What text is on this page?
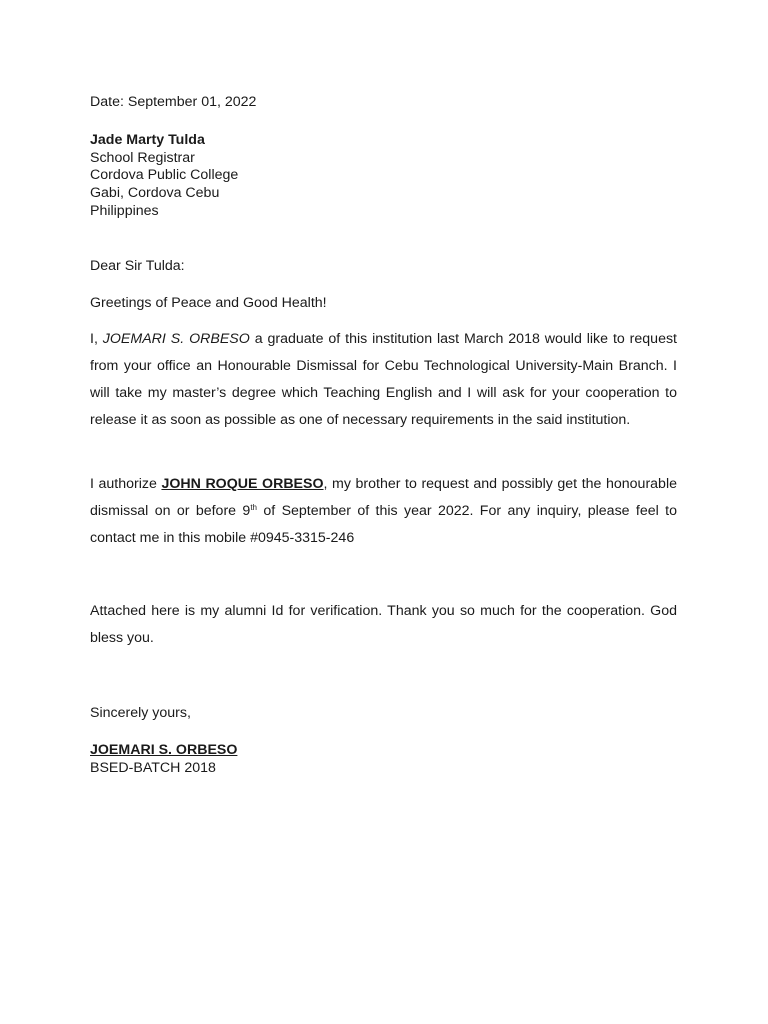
Date: September 01, 2022
Jade Marty Tulda
School Registrar
Cordova Public College
Gabi, Cordova Cebu
Philippines
Dear Sir Tulda:
Greetings of Peace and Good Health!

I, JOEMARI S. ORBESO a graduate of this institution last March 2018 would like to request from your office an Honourable Dismissal for Cebu Technological University-Main Branch. I will take my master’s degree which Teaching English and I will ask for your cooperation to release it as soon as possible as one of necessary requirements in the said institution.

I authorize JOHN ROQUE ORBESO, my brother to request and possibly get the honourable dismissal on or before 9th of September of this year 2022. For any inquiry, please feel to contact me in this mobile #0945-3315-246

Attached here is my alumni Id for verification. Thank you so much for the cooperation. God bless you.

Sincerely yours,
JOEMARI S. ORBESO
BSED-BATCH 2018
